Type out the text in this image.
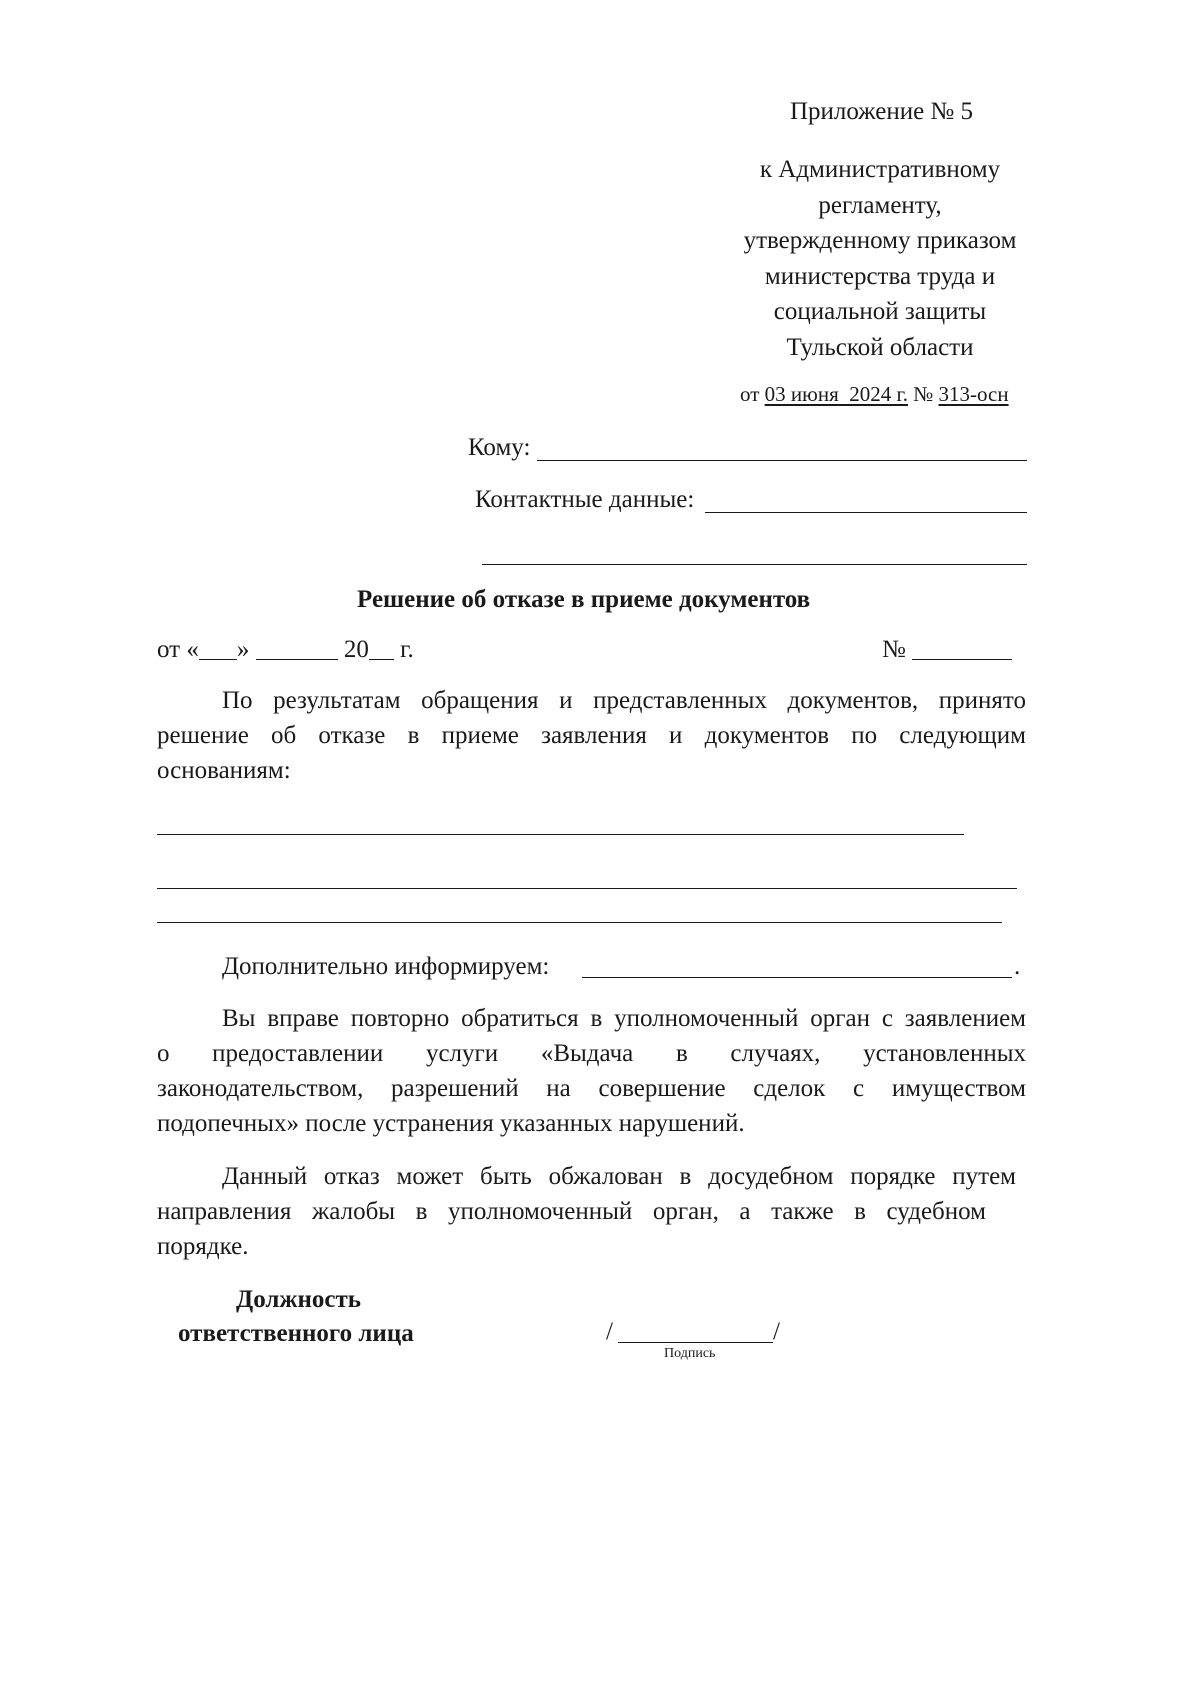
Приложение № 5
к Административному
регламенту,
утвержденному приказом
министерства труда и
социальной защиты
Тульской области
от 03 июня  2024 г. № 313-осн
Кому:
Контактные данные:
Решение об отказе в приеме документов
от « »	20 г.	№
По результатам обращения и представленных документов, принято
решение об отказе в приеме заявления и документов по следующим
основаниям:
Дополнительно информируем:	.
Вы вправе повторно обратиться в уполномоченный орган с заявлением
о предоставлении услуги «Выдача в случаях, установленных
законодательством, разрешений на совершение сделок с имуществом
подопечных» после устранения указанных нарушений.
Данный отказ может быть обжалован в досудебном порядке путем
направления жалобы в уполномоченный орган, а также в судебном
порядке.
Должность
ответственного лица	/	/
Подпись
